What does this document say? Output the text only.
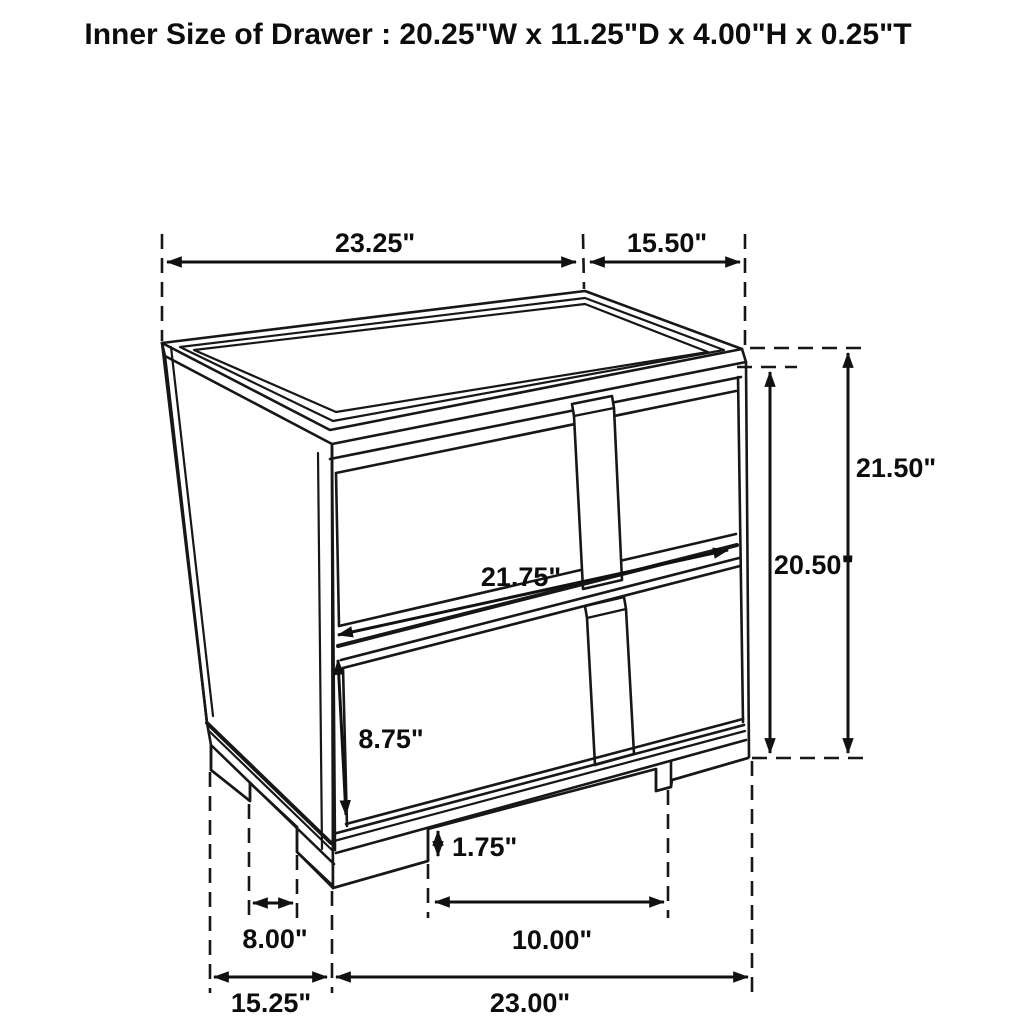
Inner Size of Drawer : 20.25"W x 11.25"D x 4.00"H x 0.25"T
23.25"	15.50"
21.50"
20.50"
21.75"
8.75"
1.75"
8.00"	10.00"
15.25"	23.00"
